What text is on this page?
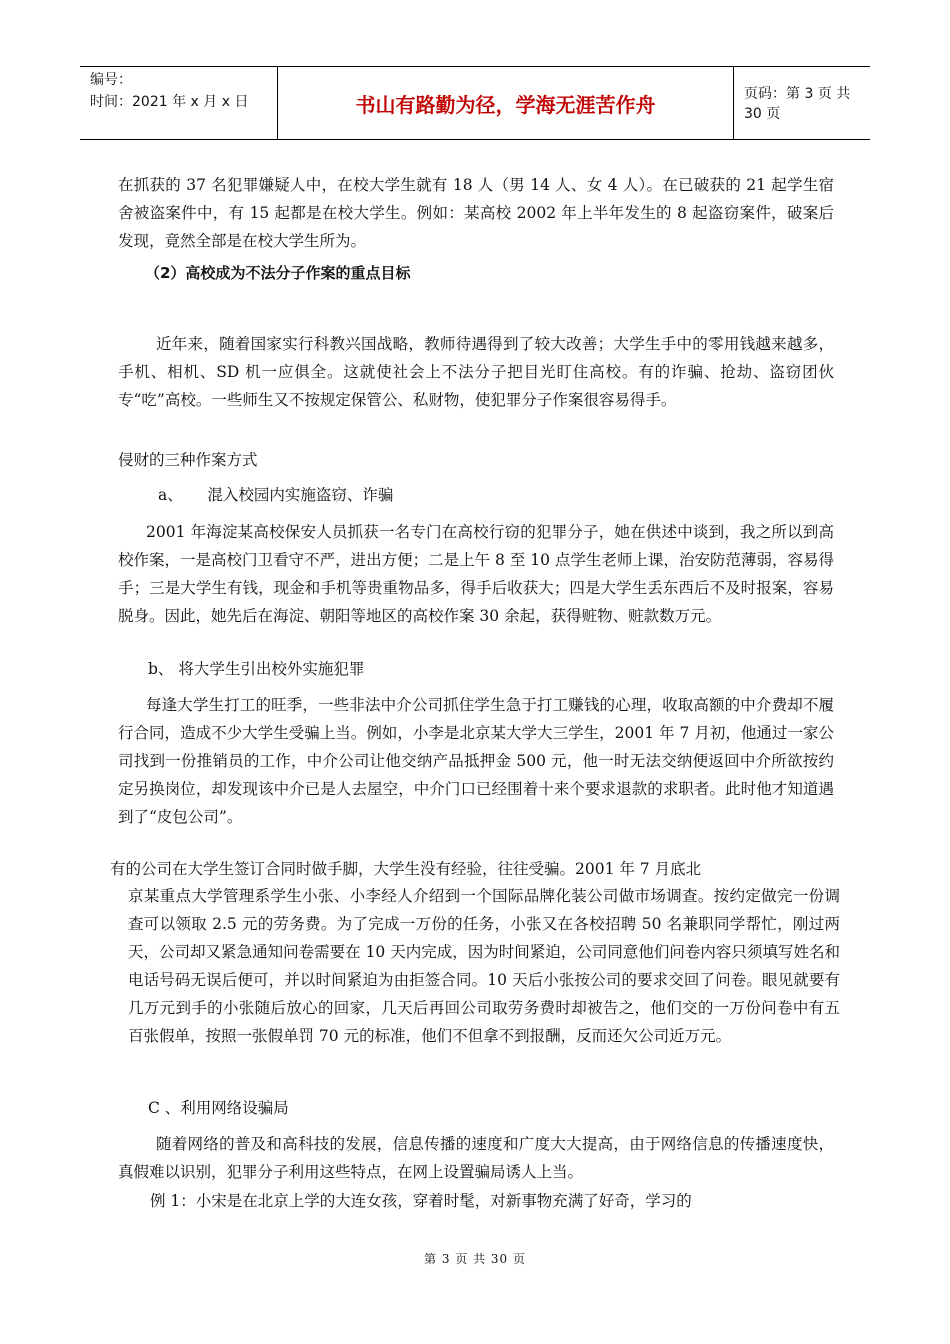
编号：
时间：2021 年 x 月 x 日	书山有路勤为径，学海无涯苦作舟	页码：第 3 页 共 30 页

在抓获的 37 名犯罪嫌疑人中，在校大学生就有 18 人（男 14 人、女 4 人）。在已破获的 21 起学生宿舍被盗案件中，有 15 起都是在校大学生。例如：某高校 2002 年上半年发生的 8 起盗窃案件，破案后发现，竟然全部是在校大学生所为。

（2）高校成为不法分子作案的重点目标

近年来，随着国家实行科教兴国战略，教师待遇得到了较大改善；大学生手中的零用钱越来越多，手机、相机、SD 机一应俱全。这就使社会上不法分子把目光盯住高校。有的诈骗、抢劫、盗窃团伙专“吃”高校。一些师生又不按规定保管公、私财物，使犯罪分子作案很容易得手。

侵财的三种作案方式

a、     混入校园内实施盗窃、诈骗

2001 年海淀某高校保安人员抓获一名专门在高校行窃的犯罪分子，她在供述中谈到，我之所以到高校作案，一是高校门卫看守不严，进出方便；二是上午 8 至 10 点学生老师上课，治安防范薄弱，容易得手；三是大学生有钱，现金和手机等贵重物品多，得手后收获大；四是大学生丢东西后不及时报案，容易脱身。因此，她先后在海淀、朝阳等地区的高校作案 30 余起，获得赃物、赃款数万元。

b、 将大学生引出校外实施犯罪

每逢大学生打工的旺季，一些非法中介公司抓住学生急于打工赚钱的心理，收取高额的中介费却不履行合同，造成不少大学生受骗上当。例如，小李是北京某大学大三学生，2001 年 7 月初，他通过一家公司找到一份推销员的工作，中介公司让他交纳产品抵押金 500 元，他一时无法交纳便返回中介所欲按约定另换岗位，却发现该中介已是人去屋空，中介门口已经围着十来个要求退款的求职者。此时他才知道遇到了“皮包公司”。

有的公司在大学生签订合同时做手脚，大学生没有经验，往往受骗。2001 年 7 月底北

京某重点大学管理系学生小张、小李经人介绍到一个国际品牌化装公司做市场调查。按约定做完一份调查可以领取 2.5 元的劳务费。为了完成一万份的任务，小张又在各校招聘 50 名兼职同学帮忙，刚过两天，公司却又紧急通知问卷需要在 10 天内完成，因为时间紧迫，公司同意他们问卷内容只须填写姓名和电话号码无误后便可，并以时间紧迫为由拒签合同。10 天后小张按公司的要求交回了问卷。眼见就要有几万元到手的小张随后放心的回家，几天后再回公司取劳务费时却被告之，他们交的一万份问卷中有五百张假单，按照一张假单罚 70 元的标准，他们不但拿不到报酬，反而还欠公司近万元。

C 、利用网络设骗局

随着网络的普及和高科技的发展，信息传播的速度和广度大大提高，由于网络信息的传播速度快，真假难以识别，犯罪分子利用这些特点，在网上设置骗局诱人上当。

例 1：小宋是在北京上学的大连女孩，穿着时髦，对新事物充满了好奇，学习的

第 3 页 共 30 页
